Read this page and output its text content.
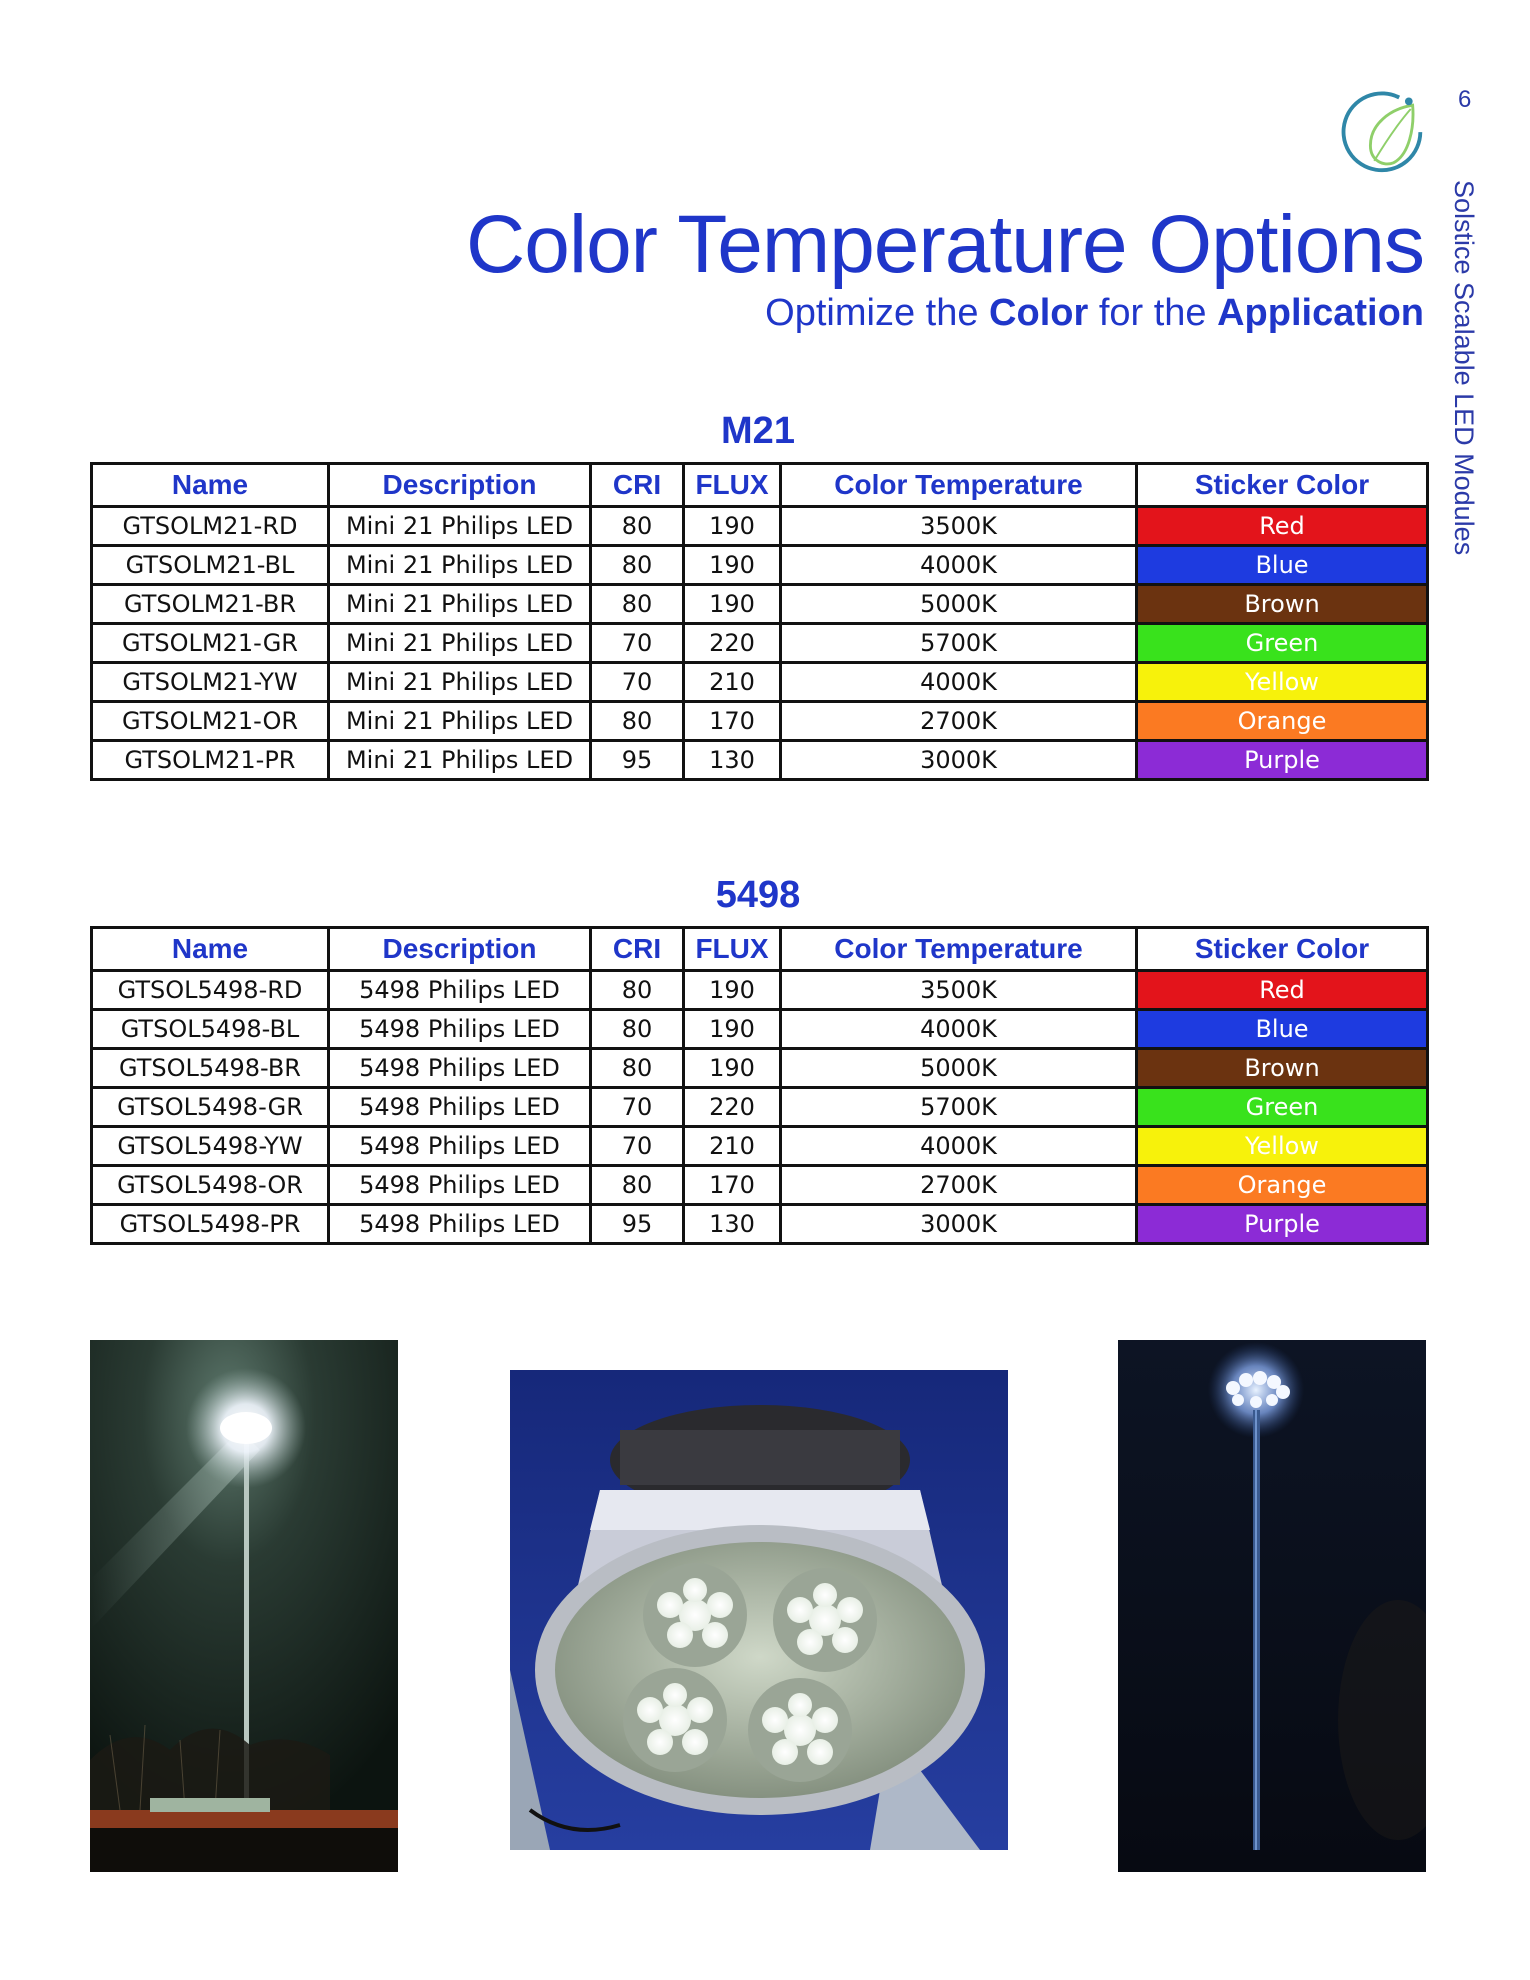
6
Solstice Scalable LED Modules
Color Temperature Options
Optimize the Color for the Application
M21
Name	Description	CRI	FLUX	Color Temperature	Sticker Color
GTSOLM21-RD	Mini 21 Philips LED	80	190	3500K	Red
GTSOLM21-BL	Mini 21 Philips LED	80	190	4000K	Blue
GTSOLM21-BR	Mini 21 Philips LED	80	190	5000K	Brown
GTSOLM21-GR	Mini 21 Philips LED	70	220	5700K	Green
GTSOLM21-YW	Mini 21 Philips LED	70	210	4000K	Yellow
GTSOLM21-OR	Mini 21 Philips LED	80	170	2700K	Orange
GTSOLM21-PR	Mini 21 Philips LED	95	130	3000K	Purple
5498
Name	Description	CRI	FLUX	Color Temperature	Sticker Color
GTSOL5498-RD	5498 Philips LED	80	190	3500K	Red
GTSOL5498-BL	5498 Philips LED	80	190	4000K	Blue
GTSOL5498-BR	5498 Philips LED	80	190	5000K	Brown
GTSOL5498-GR	5498 Philips LED	70	220	5700K	Green
GTSOL5498-YW	5498 Philips LED	70	210	4000K	Yellow
GTSOL5498-OR	5498 Philips LED	80	170	2700K	Orange
GTSOL5498-PR	5498 Philips LED	95	130	3000K	Purple
